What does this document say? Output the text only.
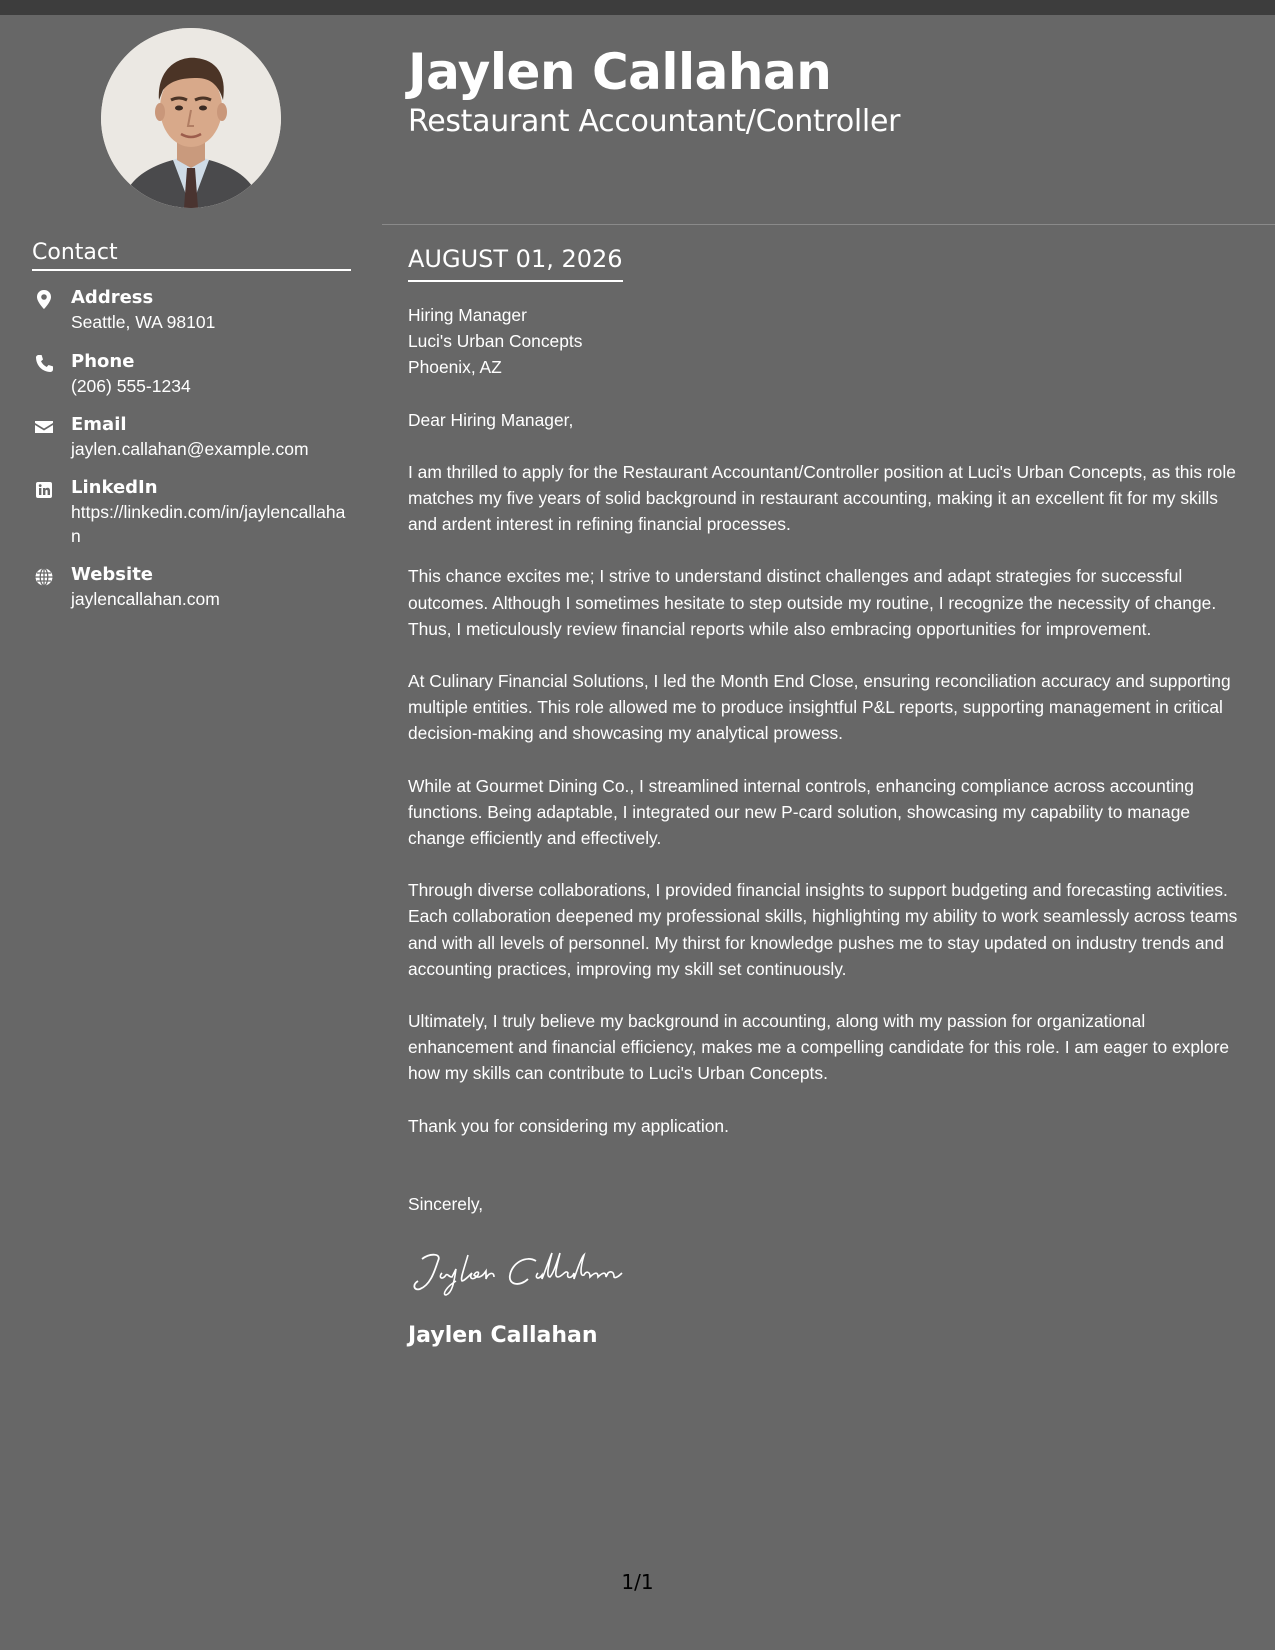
Contact
Address
Seattle, WA 98101
Phone
(206) 555-1234
Email
jaylen.callahan@example.com
LinkedIn
https://linkedin.com/in/jaylencallahan
Website
jaylencallahan.com
Jaylen Callahan
Restaurant Accountant/Controller
AUGUST 01, 2026

Hiring Manager

Luci's Urban Concepts

Phoenix, AZ

Dear Hiring Manager,

I am thrilled to apply for the Restaurant Accountant/Controller position at Luci's Urban Concepts, as this role matches my five years of solid background in restaurant accounting, making it an excellent fit for my skills and ardent interest in refining financial processes.

This chance excites me; I strive to understand distinct challenges and adapt strategies for successful outcomes. Although I sometimes hesitate to step outside my routine, I recognize the necessity of change. Thus, I meticulously review financial reports while also embracing opportunities for improvement.

At Culinary Financial Solutions, I led the Month End Close, ensuring reconciliation accuracy and supporting multiple entities. This role allowed me to produce insightful P&L reports, supporting management in critical decision-making and showcasing my analytical prowess.

While at Gourmet Dining Co., I streamlined internal controls, enhancing compliance across accounting functions. Being adaptable, I integrated our new P-card solution, showcasing my capability to manage change efficiently and effectively.

Through diverse collaborations, I provided financial insights to support budgeting and forecasting activities. Each collaboration deepened my professional skills, highlighting my ability to work seamlessly across teams and with all levels of personnel. My thirst for knowledge pushes me to stay updated on industry trends and accounting practices, improving my skill set continuously.

Ultimately, I truly believe my background in accounting, along with my passion for organizational enhancement and financial efficiency, makes me a compelling candidate for this role. I am eager to explore how my skills can contribute to Luci's Urban Concepts.

Thank you for considering my application.

Sincerely,

Jaylen Callahan
1/1
